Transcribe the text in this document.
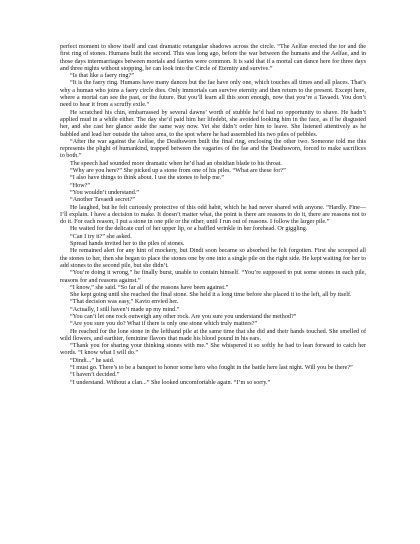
perfect moment to show itself and cast dramatic retangular shadows across the circle. “The Aelfae erected the tor and the first ring of stones. Humans built the second. This was long ago, before the war between the humans and the Aelfae, and in those days intermarriages between mortals and faeries were common. It is said that if a mortal can dance here for three days and three nights without stopping, he can look into the Circle of Eternity and survive.”

“Is that like a faery ring?”

“It is the faery ring. Humans have many dances but the fae have only one, which touches all times and all places. That’s why a human who joins a faery circle dies. Only immortals can survive eternity and then return to the present. Except here, where a mortal can see the past, or the future. But you’ll learn all this soon enough, now that you’re a Tavaedi. You don’t need to hear it from a scruffy exile.”

He scratched his chin, embarrassed by several dawns’ worth of stubble he’d had no opportunity to shave. He hadn’t applied mud in a while either. The day she’d paid him her lifedebt, she avoided looking him in the face, as if he disgusted her, and she cast her glance aside the same way now. Yet she didn’t order him to leave. She listened attentively as he babbled and lead her outside the taboo area, to the spot where he had assembled his two piles of pebbles.

“After the war against the Aelfae, the Deathsworn built the final ring, enclosing the other two. Someone told me this represents the plight of humankind, trapped between the vagaries of the fae and the Deathsworn, forced to make sacrifices to both.”

The speech had sounded more dramatic when he’d had an obsidian blade to his throat.

“Why are you here?” She picked up a stone from one of his piles. “What are these for?”

“I also have things to think about. I use the stones to help me.”

“How?”

“You wouldn’t understand.”

“Another Tavaedi secret?”

He laughed, but he felt curiously protective of this odd habit, which he had never shared with anyone. “Hardly. Fine—I’ll explain. I have a decision to make. It doesn’t matter what, the point is there are reasons to do it, there are reasons not to do it. For each reason, I put a stone in one pile or the other, until I run out of reasons. I follow the larger pile.”

He waited for the delicate curl of her upper lip, or a baffled wrinkle in her forehead. Or giggling.

“Can I try it?” she asked.

Spread hands invited her to the piles of stones.

He remained alert for any hint of mockery, but Dindi soon became so absorbed he felt forgotten. First she scooped all the stones to her, then she began to place the stones one by one into a single pile on the right side. He kept waiting for her to add stones to the second pile, but she didn’t.

“You’re doing it wrong,” he finally burst, unable to contain himself. “You’re supposed to put some stones in each pile, reasons for and reasons against.”

“I know,” she said. “So far all of the reasons have been against.”

She kept going until she reached the final stone. She held it a long time before she placed it to the left, all by itself.

“That decision was easy,” Kavio envied her.

“Actually, I still haven’t made up my mind.”

“You can’t let one rock outweigh any other rock. Are you sure you understand the method?”

“Are you sure you do? What if there is only one stone which truly matters?”

He reached for the lone stone in the lefthand pile at the same time that she did and their hands touched. She smelled of wild flowers, and earthier, feminine flavors that made his blood pound in his ears.

“Thank you for sharing your thinking stones with me.” She whispered it so softly he had to lean forward to catch her words. “I know what I will do.”

“Dindi...” he said.

“I must go. There’s to be a banquet to honor some hero who fought in the battle here last night. Will you be there?”

“I haven’t decided.”

“I understand. Without a clan...” She looked uncomfortable again. “I’m so sorry.”
